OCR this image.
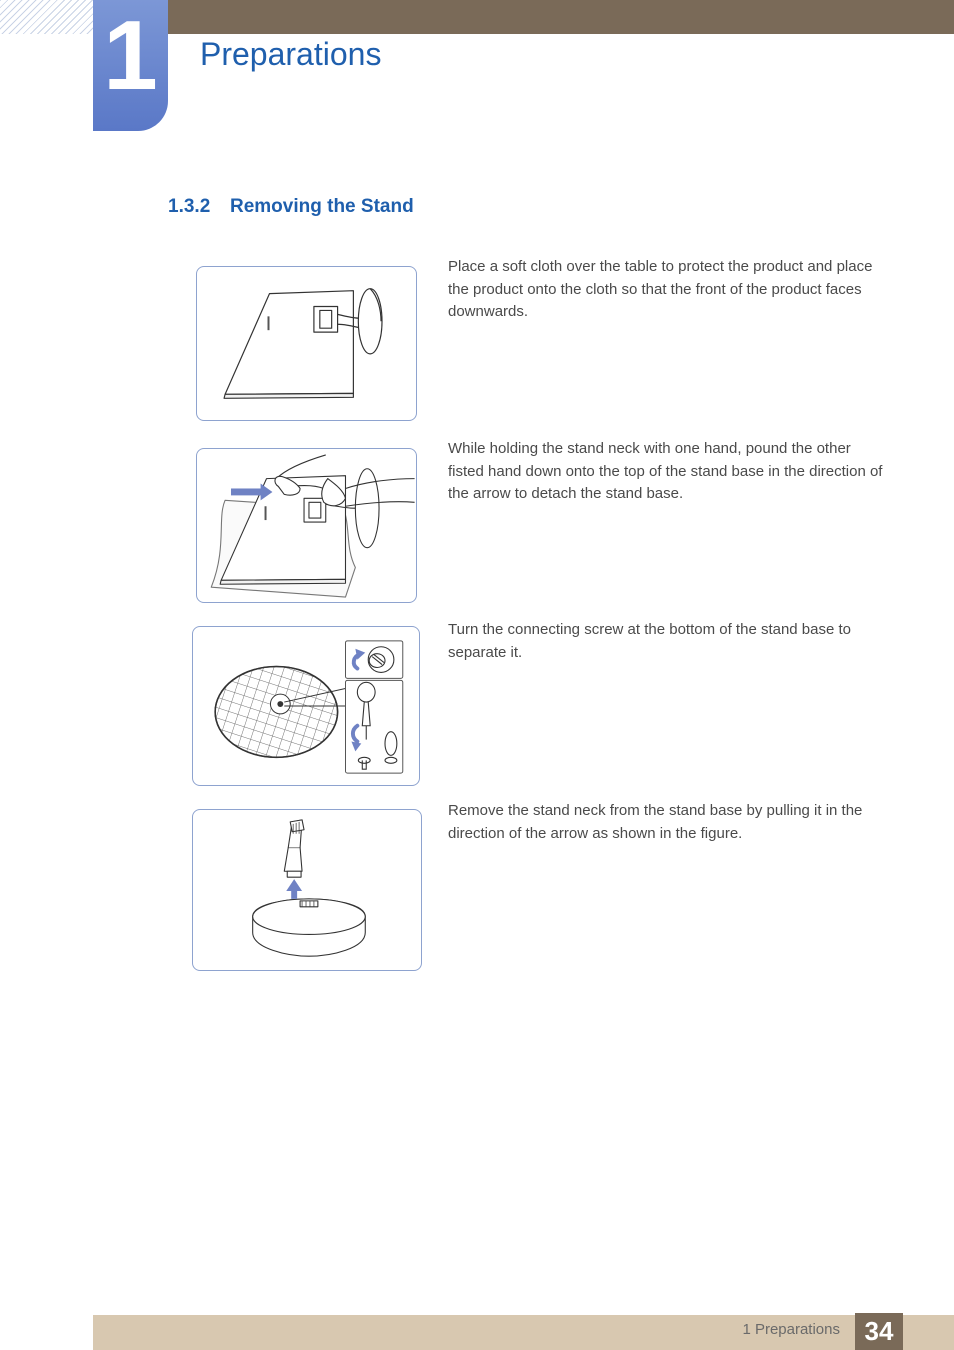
1	Preparations
1.3.2 Removing the Stand
Place a soft cloth over the table to protect the product and place the product onto the cloth so that the front of the product faces downwards.
While holding the stand neck with one hand, pound the other fisted hand down onto the top of the stand base in the direction of the arrow to detach the stand base.
Turn the connecting screw at the bottom of the stand base to separate it.
Remove the stand neck from the stand base by pulling it in the direction of the arrow as shown in the figure.
1 Preparations 34
